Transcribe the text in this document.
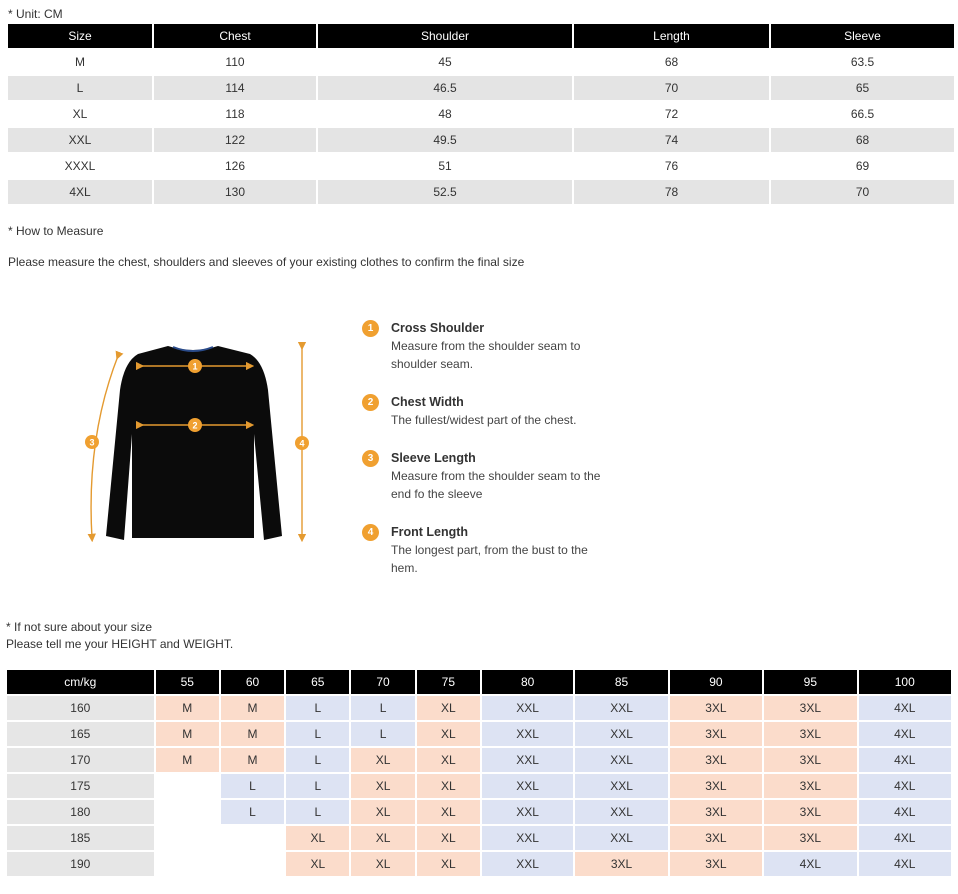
* Unit: CM
Size	Chest	Shoulder	Length	Sleeve
M	110	45	68	63.5
L	114	46.5	70	65
XL	118	48	72	66.5
XXL	122	49.5	74	68
XXXL	126	51	76	69
4XL	130	52.5	78	70
* How to Measure
Please measure the chest, shoulders and sleeves of your existing clothes to confirm the final size
1
2
3	4
1	Cross Shoulder
Measure from the shoulder seam to shoulder seam.
2	Chest Width
The fullest/widest part of the chest.
3	Sleeve Length
Measure from the shoulder seam to the end fo the sleeve
4	Front Length
The longest part, from the bust to the hem.
* If not sure about your size
Please tell me your HEIGHT and WEIGHT.
cm/kg	55	60	65	70	75	80	85	90	95	100
160	M	M	L	L	XL	XXL	XXL	3XL	3XL	4XL
165	M	M	L	L	XL	XXL	XXL	3XL	3XL	4XL
170	M	M	L	XL	XL	XXL	XXL	3XL	3XL	4XL
175		L	L	XL	XL	XXL	XXL	3XL	3XL	4XL
180		L	L	XL	XL	XXL	XXL	3XL	3XL	4XL
185			XL	XL	XL	XXL	XXL	3XL	3XL	4XL
190			XL	XL	XL	XXL	3XL	3XL	4XL	4XL
